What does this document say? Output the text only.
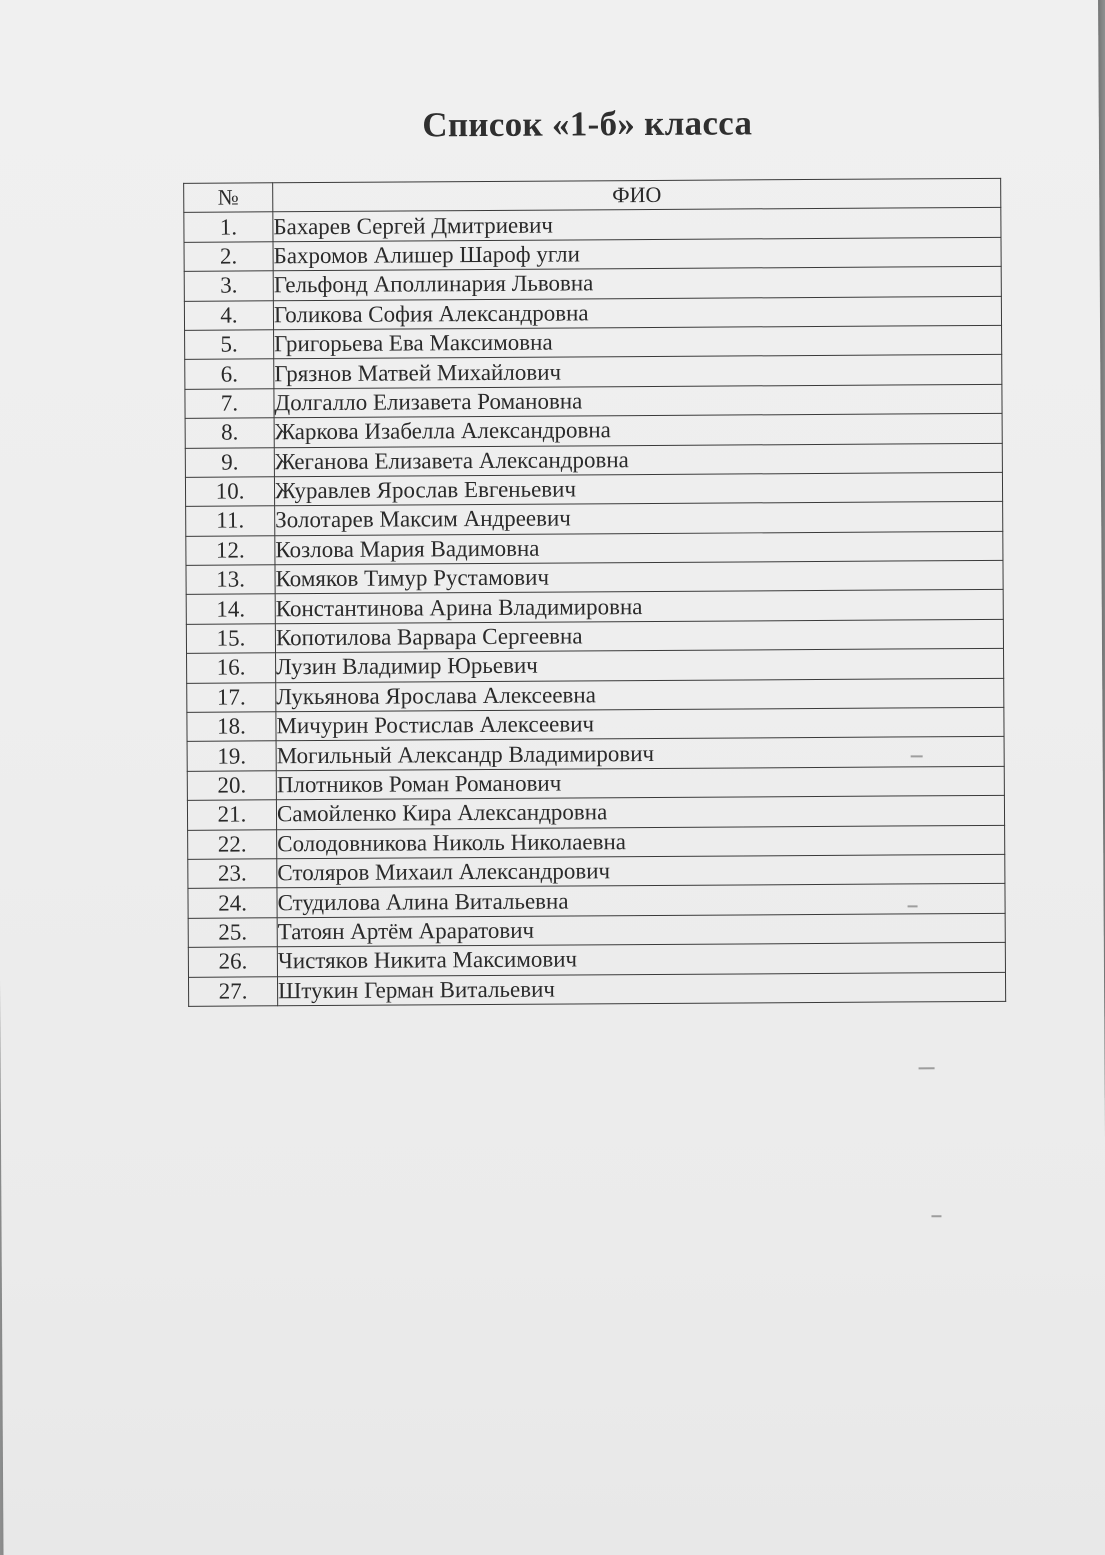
Список «1-б» класса
№	ФИО
1.	Бахарев Сергей Дмитриевич
2.	Бахромов Алишер Шароф угли
3.	Гельфонд Аполлинария Львовна
4.	Голикова София Александровна
5.	Григорьева Ева Максимовна
6.	Грязнов Матвей Михайлович
7.	Долгалло Елизавета Романовна
8.	Жаркова Изабелла Александровна
9.	Жеганова Елизавета Александровна
10.	Журавлев Ярослав Евгеньевич
11.	Золотарев Максим Андреевич
12.	Козлова Мария Вадимовна
13.	Комяков Тимур Рустамович
14.	Константинова Арина Владимировна
15.	Копотилова Варвара Сергеевна
16.	Лузин Владимир Юрьевич
17.	Лукьянова Ярослава Алексеевна
18.	Мичурин Ростислав Алексеевич
19.	Могильный Александр Владимирович
20.	Плотников Роман Романович
21.	Самойленко Кира Александровна
22.	Солодовникова Николь Николаевна
23.	Столяров Михаил Александрович
24.	Студилова Алина Витальевна
25.	Татоян Артём Араратович
26.	Чистяков Никита Максимович
27.	Штукин Герман Витальевич
